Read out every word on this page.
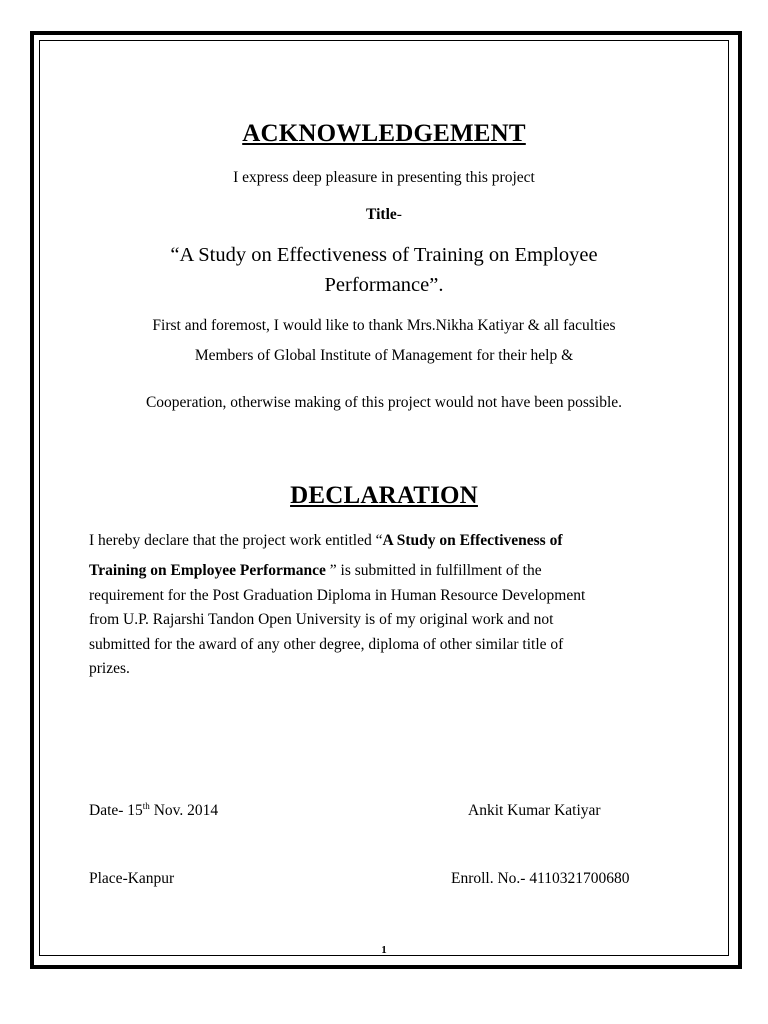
ACKNOWLEDGEMENT
I express deep pleasure in presenting this project
Title-
“A Study on Effectiveness of Training on Employee
Performance”.
First and foremost, I would like to thank Mrs.Nikha Katiyar & all faculties
Members of Global Institute of Management for their help &
Cooperation, otherwise making of this project would not have been possible.
DECLARATION
I hereby declare that the project work entitled “A Study on Effectiveness of
Training on Employee Performance ” is submitted in fulfillment of the
requirement for the Post Graduation Diploma in Human Resource Development
from U.P. Rajarshi Tandon Open University is of my original work and not
submitted for the award of any other degree, diploma of other similar title of
prizes.
Date- 15th Nov. 2014	Ankit Kumar Katiyar
Place-Kanpur	Enroll. No.- 4110321700680
1
